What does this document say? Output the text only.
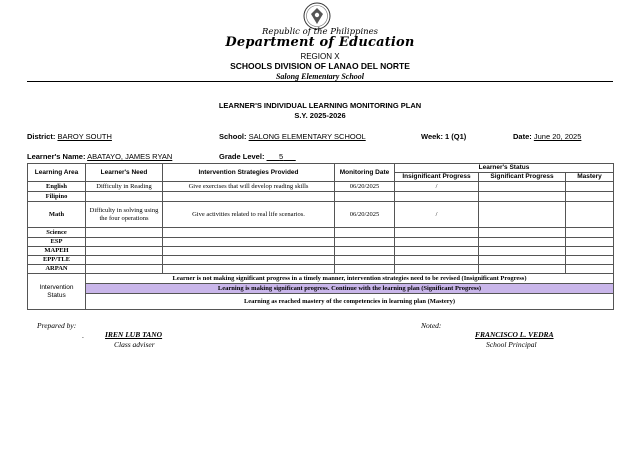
Republic of the Philippines
Department of Education
REGION X
SCHOOLS DIVISION OF LANAO DEL NORTE
Salong Elementary School
LEARNER'S INDIVIDUAL LEARNING MONITORING PLAN
S.Y. 2025-2026
District: BAROY SOUTH	School: SALONG ELEMENTARY SCHOOL	Week: 1 (Q1)	Date: June 20, 2025
Learner's Name: ABATAYO, JAMES RYAN	Grade Level: 5
Learning Area	Learner's Need	Intervention Strategies Provided	Monitoring Date	Learner's Status		
				Insignificant Progress	Significant Progress	Mastery
English	Difficulty in Reading	Give exercises that will develop reading skills	06/20/2025	/		
Filipino						
Math	Difficulty in solving using the four operations	Give activities related to real life scenarios.	06/20/2025	/		
Science						
ESP						
MAPEH						
EPP/TLE						
ARPAN						
Intervention Status	Learner is not making significant progress in a timely manner, intervention strategies need to be revised (Insignificant Progress)					
	Learning is making significant progress. Continue with the learning plan (Significant Progress)					
	Learning as reached mastery of the competencies in learning plan (Mastery)					
Prepared by:
.	IREN LUB TANO
Class adviser
Noted:
FRANCISCO L. VEDRA
School Principal
